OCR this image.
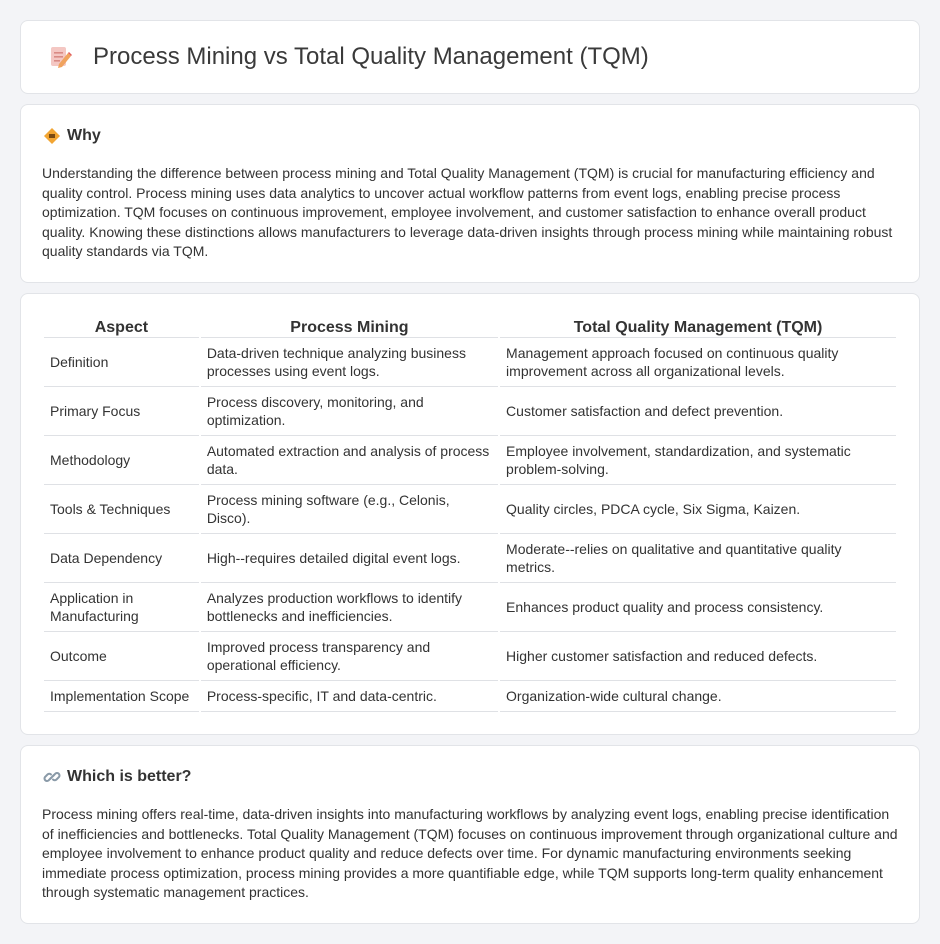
Process Mining vs Total Quality Management (TQM)
Why

Understanding the difference between process mining and Total Quality Management (TQM) is crucial for manufacturing efficiency and quality control. Process mining uses data analytics to uncover actual workflow patterns from event logs, enabling precise process optimization. TQM focuses on continuous improvement, employee involvement, and customer satisfaction to enhance overall product quality. Knowing these distinctions allows manufacturers to leverage data-driven insights through process mining while maintaining robust quality standards via TQM.

Aspect	Process Mining	Total Quality Management (TQM)
Definition	Data-driven technique analyzing business processes using event logs.	Management approach focused on continuous quality improvement across all organizational levels.
Primary Focus	Process discovery, monitoring, and optimization.	Customer satisfaction and defect prevention.
Methodology	Automated extraction and analysis of process data.	Employee involvement, standardization, and systematic problem-solving.
Tools & Techniques	Process mining software (e.g., Celonis, Disco).	Quality circles, PDCA cycle, Six Sigma, Kaizen.
Data Dependency	High--requires detailed digital event logs.	Moderate--relies on qualitative and quantitative quality metrics.
Application in Manufacturing	Analyzes production workflows to identify bottlenecks and inefficiencies.	Enhances product quality and process consistency.
Outcome	Improved process transparency and operational efficiency.	Higher customer satisfaction and reduced defects.
Implementation Scope	Process-specific, IT and data-centric.	Organization-wide cultural change.
Which is better?

Process mining offers real-time, data-driven insights into manufacturing workflows by analyzing event logs, enabling precise identification of inefficiencies and bottlenecks. Total Quality Management (TQM) focuses on continuous improvement through organizational culture and employee involvement to enhance product quality and reduce defects over time. For dynamic manufacturing environments seeking immediate process optimization, process mining provides a more quantifiable edge, while TQM supports long-term quality enhancement through systematic management practices.
